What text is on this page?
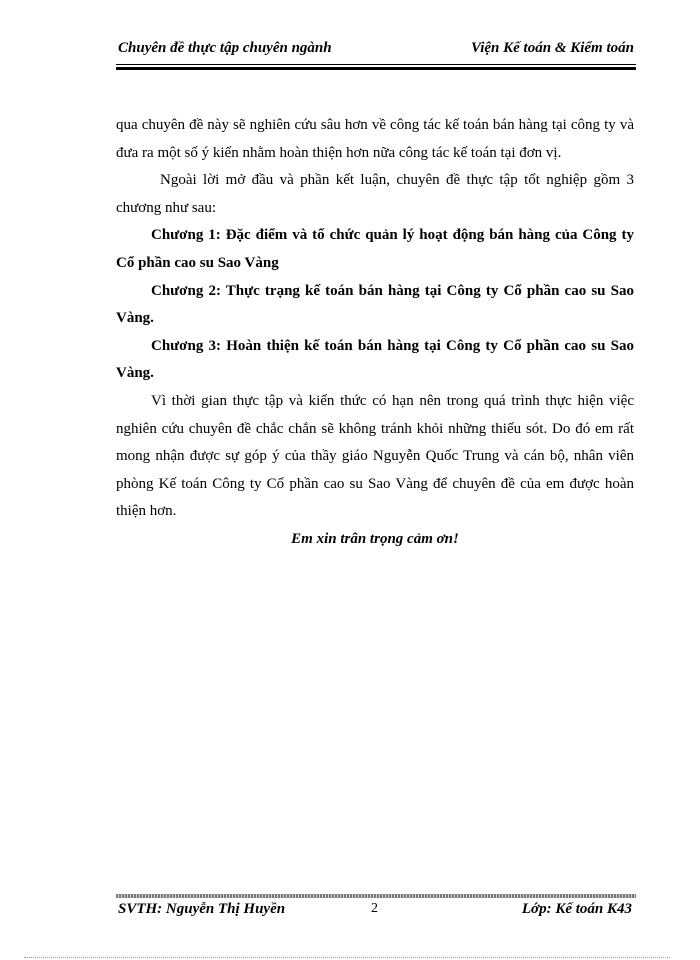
Chuyên đề thực tập chuyên ngành	Viện Kế toán & Kiểm toán

qua chuyên đề này sẽ nghiên cứu sâu hơn về công tác kế toán bán hàng tại công ty và đưa ra một số ý kiến nhằm hoàn thiện hơn nữa công tác kế toán tại đơn vị.

Ngoài lời mở đầu và phần kết luận, chuyên đề thực tập tốt nghiệp gồm 3 chương như sau:

Chương 1: Đặc điểm và tổ chức quản lý hoạt động bán hàng của Công ty Cổ phần cao su Sao Vàng

Chương 2: Thực trạng kế toán bán hàng tại Công ty Cổ phần cao su Sao Vàng.

Chương 3: Hoàn thiện kế toán bán hàng tại Công ty Cổ phần cao su Sao Vàng.

Vì thời gian thực tập và kiến thức có hạn nên trong quá trình thực hiện việc nghiên cứu chuyên đề chắc chắn sẽ không tránh khỏi những thiếu sót. Do đó em rất mong nhận được sự góp ý của thầy giáo Nguyễn Quốc Trung và cán bộ, nhân viên phòng Kế toán Công ty Cổ phần cao su Sao Vàng để chuyên đề của em được hoàn thiện hơn.

Em xin trân trọng cảm ơn!

SVTH: Nguyễn Thị Huyền	2	Lớp: Kế toán K43
